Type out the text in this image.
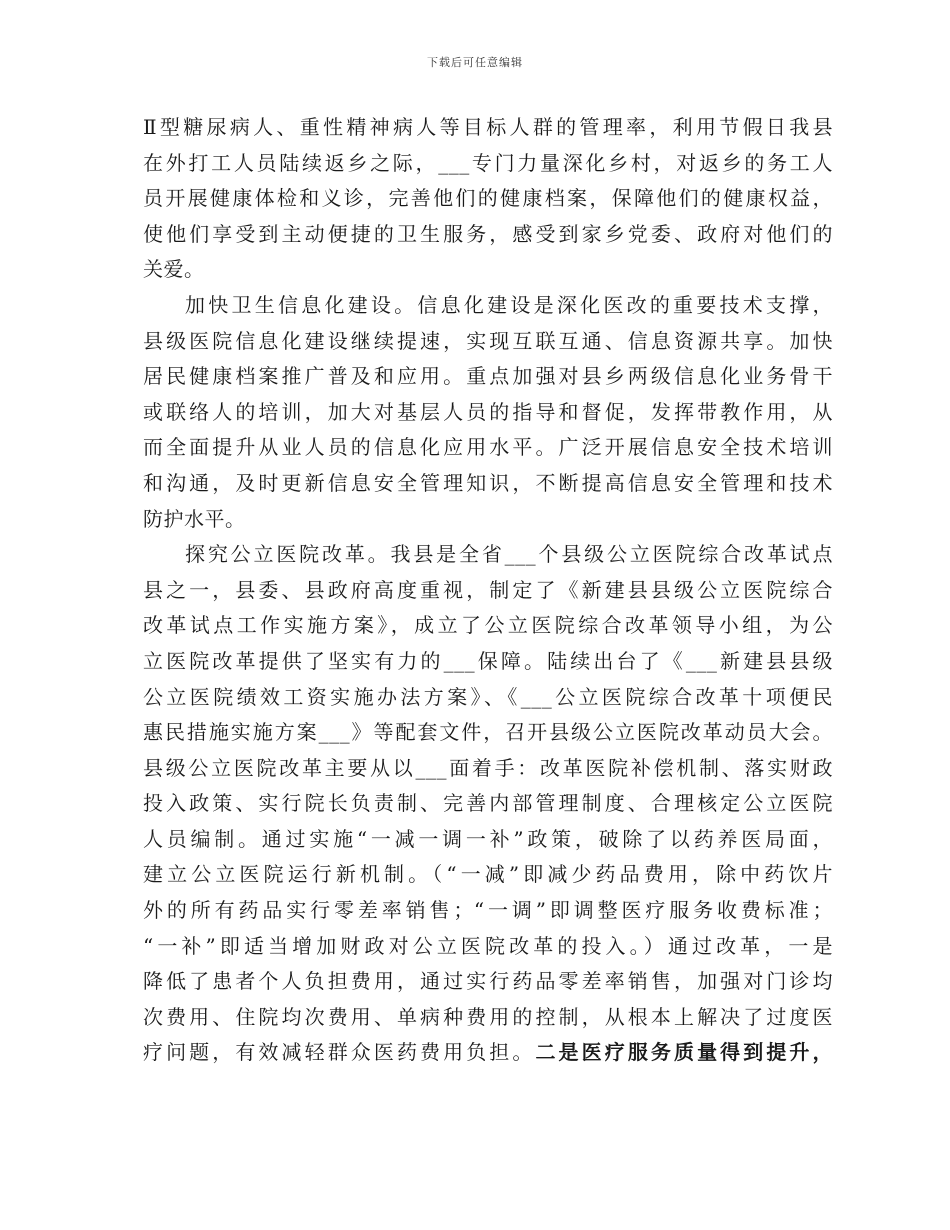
下载后可任意编辑
Ⅱ型糖尿病人、重性精神病人等目标人群的管理率，利用节假日我县
在外打工人员陆续返乡之际，___专门力量深化乡村，对返乡的务工人
员开展健康体检和义诊，完善他们的健康档案，保障他们的健康权益，
使他们享受到主动便捷的卫生服务，感受到家乡党委、政府对他们的
关爱。
加快卫生信息化建设。信息化建设是深化医改的重要技术支撑，
县级医院信息化建设继续提速，实现互联互通、信息资源共享。加快
居民健康档案推广普及和应用。重点加强对县乡两级信息化业务骨干
或联络人的培训，加大对基层人员的指导和督促，发挥带教作用，从
而全面提升从业人员的信息化应用水平。广泛开展信息安全技术培训
和沟通，及时更新信息安全管理知识，不断提高信息安全管理和技术
防护水平。
探究公立医院改革。我县是全省___个县级公立医院综合改革试点
县之一，县委、县政府高度重视，制定了《新建县县级公立医院综合
改革试点工作实施方案》，成立了公立医院综合改革领导小组，为公
立医院改革提供了坚实有力的___保障。陆续出台了《___新建县县级
公立医院绩效工资实施办法方案》、《___公立医院综合改革十项便民
惠民措施实施方案___》等配套文件，召开县级公立医院改革动员大会。
县级公立医院改革主要从以___面着手：改革医院补偿机制、落实财政
投入政策、实行院长负责制、完善内部管理制度、合理核定公立医院
人员编制。通过实施“一减一调一补”政策，破除了以药养医局面，
建立公立医院运行新机制。（“一减”即减少药品费用，除中药饮片
外的所有药品实行零差率销售；“一调”即调整医疗服务收费标准；
“一补”即适当增加财政对公立医院改革的投入。）通过改革，一是
降低了患者个人负担费用，通过实行药品零差率销售，加强对门诊均
次费用、住院均次费用、单病种费用的控制，从根本上解决了过度医
疗问题，有效减轻群众医药费用负担。二是医疗服务质量得到提升，
